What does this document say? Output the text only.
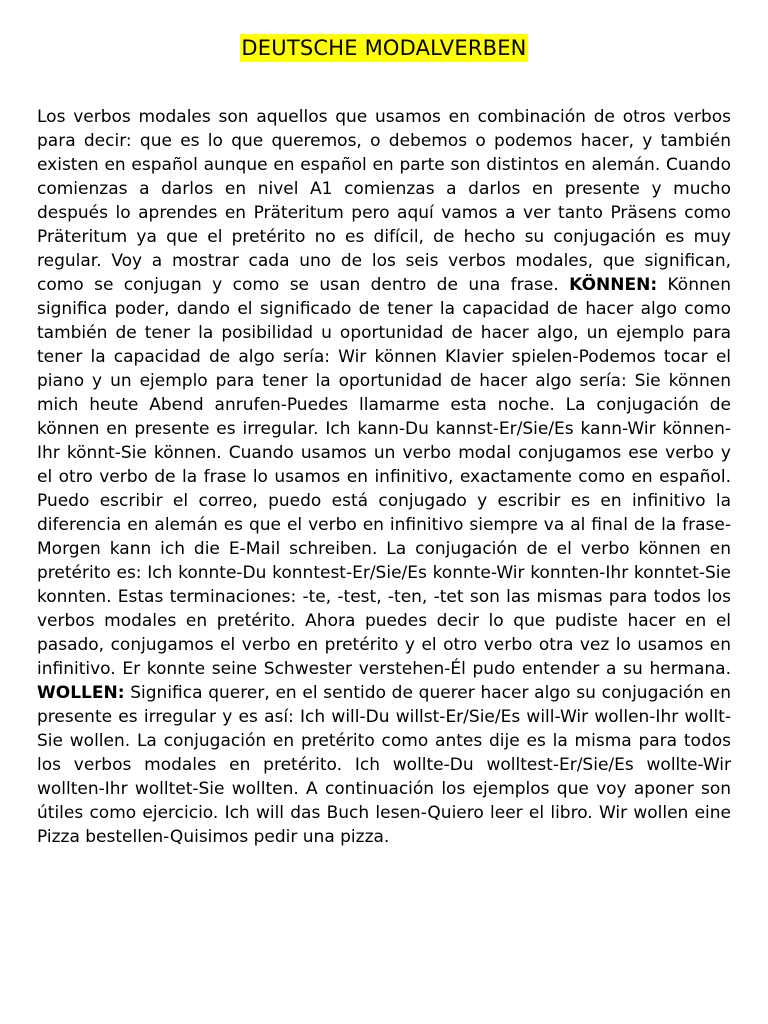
DEUTSCHE MODALVERBEN

Los verbos modales son aquellos que usamos en combinación de otros verbos para decir: que es lo que queremos, o debemos o podemos hacer, y también existen en español aunque en español en parte son distintos en alemán. Cuando comienzas a darlos en nivel A1 comienzas a darlos en presente y mucho después lo aprendes en Präteritum pero aquí vamos a ver tanto Präsens como Präteritum ya que el pretérito no es difícil, de hecho su conjugación es muy regular. Voy a mostrar cada uno de los seis verbos modales, que significan, como se conjugan y como se usan dentro de una frase. KÖNNEN: Können significa poder, dando el significado de tener la capacidad de hacer algo como también de tener la posibilidad u oportunidad de hacer algo, un ejemplo para tener la capacidad de algo sería: Wir können Klavier spielen-Podemos tocar el piano y un ejemplo para tener la oportunidad de hacer algo sería: Sie können mich heute Abend anrufen-Puedes llamarme esta noche. La conjugación de können en presente es irregular. Ich kann-Du kannst-Er/Sie/Es kann-Wir können-Ihr könnt-Sie können. Cuando usamos un verbo modal conjugamos ese verbo y el otro verbo de la frase lo usamos en infinitivo, exactamente como en español. Puedo escribir el correo, puedo está conjugado y escribir es en infinitivo la diferencia en alemán es que el verbo en infinitivo siempre va al final de la frase-Morgen kann ich die E-Mail schreiben. La conjugación de el verbo können en pretérito es: Ich konnte-Du konntest-Er/Sie/Es konnte-Wir konnten-Ihr konntet-Sie konnten. Estas terminaciones: -te, -test, -ten, -tet son las mismas para todos los verbos modales en pretérito. Ahora puedes decir lo que pudiste hacer en el pasado, conjugamos el verbo en pretérito y el otro verbo otra vez lo usamos en infinitivo. Er konnte seine Schwester verstehen-Él pudo entender a su hermana. WOLLEN: Significa querer, en el sentido de querer hacer algo su conjugación en presente es irregular y es así: Ich will-Du willst-Er/Sie/Es will-Wir wollen-Ihr wollt-Sie wollen. La conjugación en pretérito como antes dije es la misma para todos los verbos modales en pretérito. Ich wollte-Du wolltest-Er/Sie/Es wollte-Wir wollten-Ihr wolltet-Sie wollten. A continuación los ejemplos que voy aponer son útiles como ejercicio. Ich will das Buch lesen-Quiero leer el libro. Wir wollen eine Pizza bestellen-Quisimos pedir una pizza.
